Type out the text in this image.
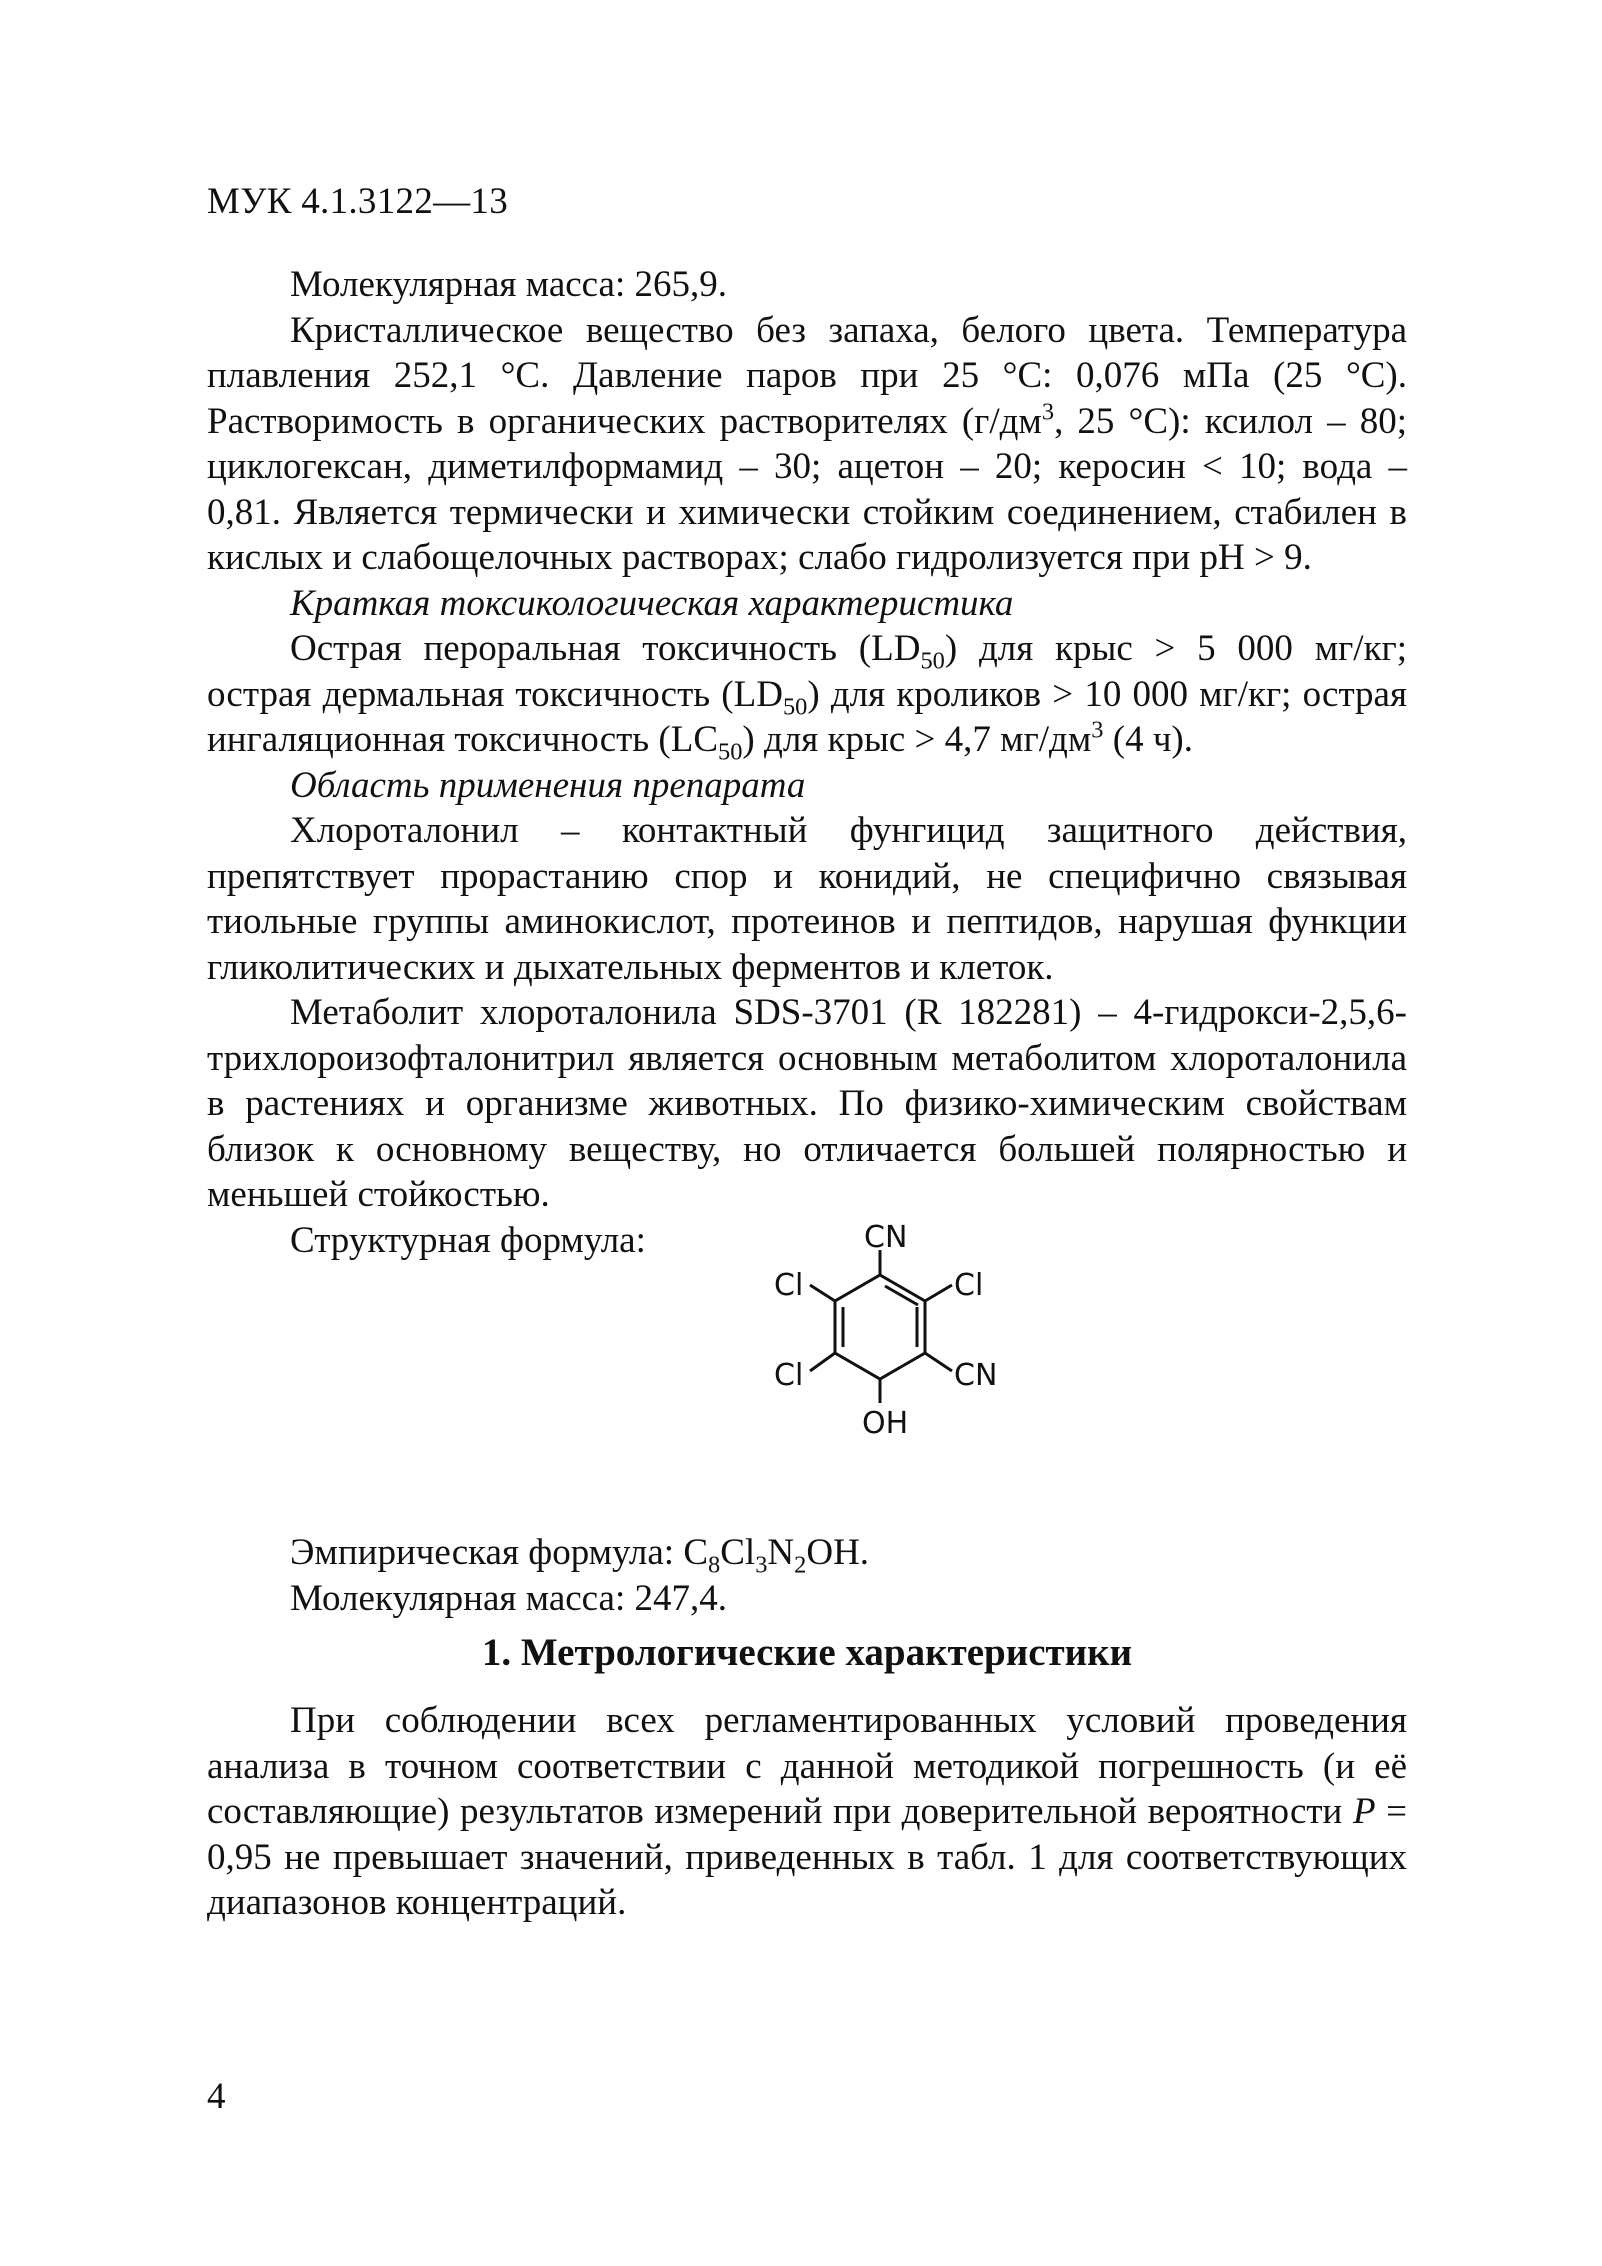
МУК 4.1.3122—13

Молекулярная масса: 265,9.

Кристаллическое вещество без запаха, белого цвета. Температура плавления 252,1 °С. Давление паров при 25 °С: 0,076 мПа (25 °С). Растворимость в органических растворителях ($г/дм^3$, 25 °С): ксилол – 80; циклогексан, диметилформамид – 30; ацетон – 20; керосин < 10; вода – 0,81. Является термически и химически стойким соединением, стабилен в кислых и слабощелочных растворах; слабо гидролизуется при pH > 9.

Краткая токсикологическая характеристика

Острая пероральная токсичность $(LD_{50})$ для крыс > 5 000 мг/кг; острая дермальная токсичность $(LD_{50})$ для кроликов > 10 000 мг/кг; острая ингаляционная токсичность $(LC_{50})$ для крыс > 4,7 $мг/дм^3$ (4 ч).

Область применения препарата

Хлороталонил – контактный фунгицид защитного действия, препятствует прорастанию спор и конидий, не специфично связывая тиольные группы аминокислот, протеинов и пептидов, нарушая функции гликолитических и дыхательных ферментов и клеток.

Метаболит хлороталонила SDS-3701 (R 182281) – 4-гидрокси-2,5,6-трихлороизофталонитрил является основным метаболитом хлороталонила в растениях и организме животных. По физико-химическим свойствам близок к основному веществу, но отличается большей полярностью и меньшей стойкостью.

Структурная формула:	CN
Cl
Cl
Cl	CN
OH

Эмпирическая формула: $C_8Cl_3N_2OH$.

Молекулярная масса: 247,4.

1. Метрологические характеристики

При соблюдении всех регламентированных условий проведения анализа в точном соответствии с данной методикой погрешность (и её составляющие) результатов измерений при доверительной вероятности P = 0,95 не превышает значений, приведенных в табл. 1 для соответствующих диапазонов концентраций.

4
